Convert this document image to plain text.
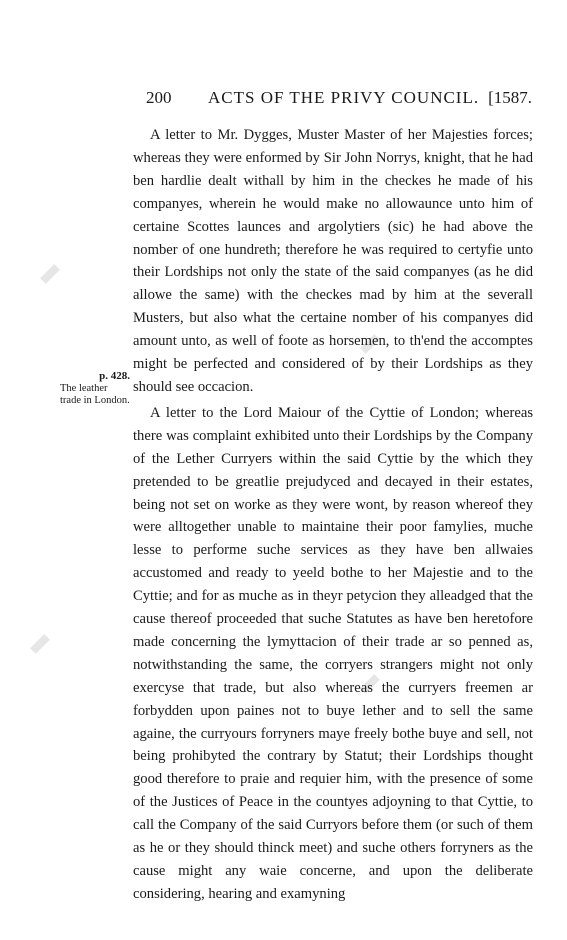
200 ACTS OF THE PRIVY COUNCIL. [1587.
p. 428.
The leather trade in London.

A letter to Mr. Dygges, Muster Master of her Majesties forces; whereas they were enformed by Sir John Norrys, knight, that he had ben hardlie dealt withall by him in the checkes he made of his companyes, wherein he would make no allowaunce unto him of certaine Scottes launces and argolytiers (sic) he had above the nomber of one hundreth; therefore he was required to certyfie unto their Lordships not only the state of the said companyes (as he did allowe the same) with the checkes mad by him at the severall Musters, but also what the certaine nomber of his companyes did amount unto, as well of foote as horsemen, to th'end the accomptes might be perfected and considered of by their Lordships as they should see occacion.

A letter to the Lord Maiour of the Cyttie of London; whereas there was complaint exhibited unto their Lordships by the Company of the Lether Curryers within the said Cyttie by the which they pretended to be greatlie prejudyced and decayed in their estates, being not set on worke as they were wont, by reason whereof they were alltogether unable to maintaine their poor famylies, muche lesse to performe suche services as they have ben allwaies accustomed and ready to yeeld bothe to her Majestie and to the Cyttie; and for as muche as in theyr petycion they alleadged that the cause thereof proceeded that suche Statutes as have ben heretofore made concerning the lymyttacion of their trade ar so penned as, notwithstanding the same, the corryers strangers might not only exercyse that trade, but also whereas the curryers freemen ar forbydden upon paines not to buye lether and to sell the same againe, the curryours forryners maye freely bothe buye and sell, not being prohibyted the contrary by Statut; their Lordships thought good therefore to praie and requier him, with the presence of some of the Justices of Peace in the countyes adjoyning to that Cyttie, to call the Company of the said Curryors before them (or such of them as he or they should thinck meet) and suche others forryners as the cause might any waie concerne, and upon the deliberate considering, hearing and examyning
